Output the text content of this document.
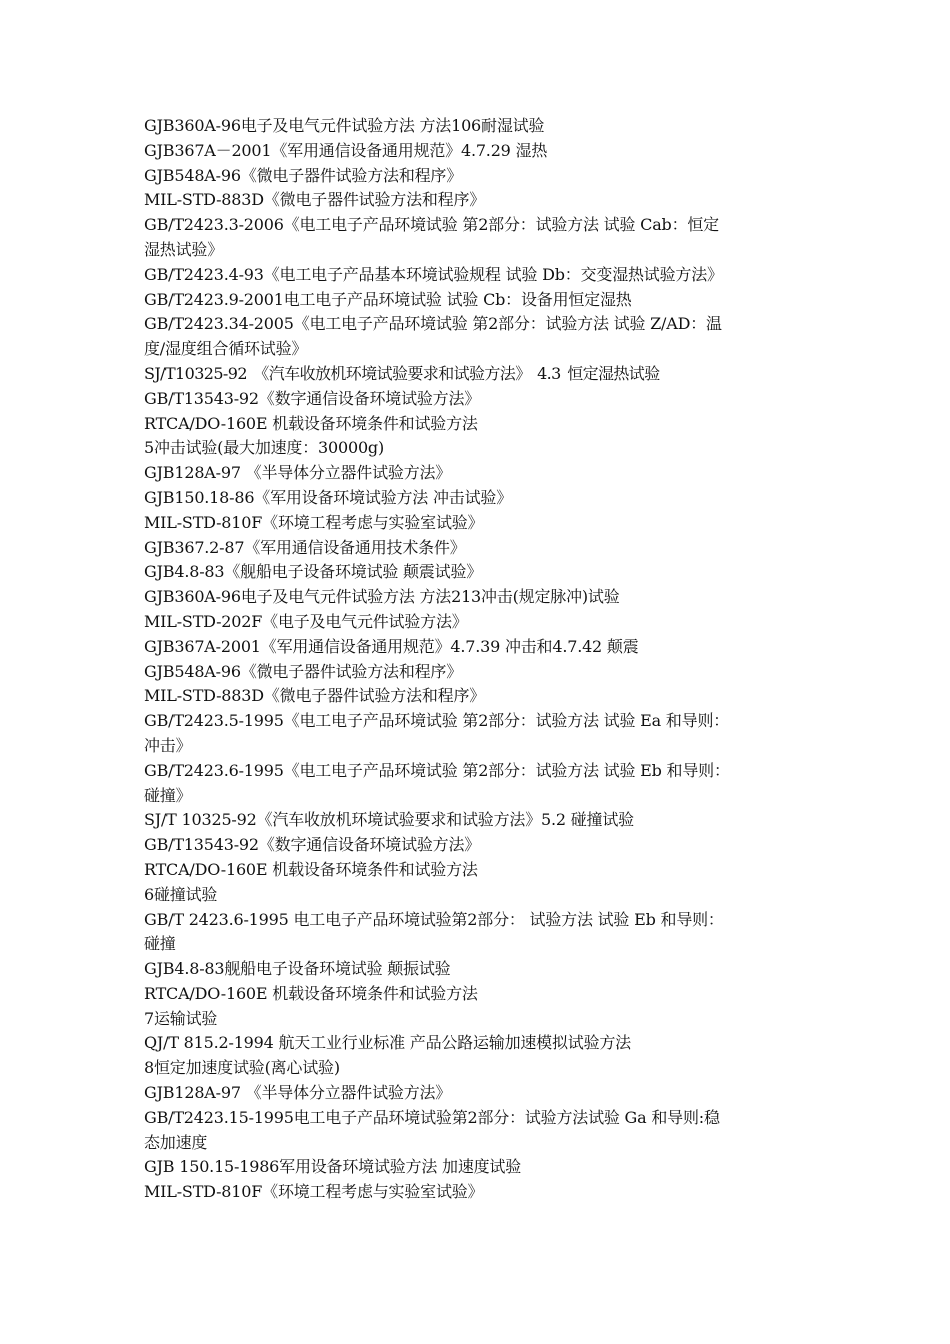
GJB360A-96电子及电气元件试验方法 方法106耐湿试验
GJB367A－2001《军用通信设备通用规范》4.7.29 湿热
GJB548A-96《微电子器件试验方法和程序》
MIL-STD-883D《微电子器件试验方法和程序》
GB/T2423.3-2006《电工电子产品环境试验 第2部分：试验方法 试验 Cab：恒定
湿热试验》
GB/T2423.4-93《电工电子产品基本环境试验规程 试验 Db：交变湿热试验方法》
GB/T2423.9-2001电工电子产品环境试验 试验 Cb：设备用恒定湿热
GB/T2423.34-2005《电工电子产品环境试验 第2部分：试验方法 试验 Z/AD：温
度/湿度组合循环试验》
SJ/T10325-92 《汽车收放机环境试验要求和试验方法》 4.3 恒定湿热试验
GB/T13543-92《数字通信设备环境试验方法》
RTCA/DO-160E 机载设备环境条件和试验方法
5冲击试验(最大加速度：30000g)
GJB128A-97 《半导体分立器件试验方法》
GJB150.18-86《军用设备环境试验方法 冲击试验》
MIL-STD-810F《环境工程考虑与实验室试验》
GJB367.2-87《军用通信设备通用技术条件》
GJB4.8-83《舰船电子设备环境试验 颠震试验》
GJB360A-96电子及电气元件试验方法 方法213冲击(规定脉冲)试验
MIL-STD-202F《电子及电气元件试验方法》
GJB367A-2001《军用通信设备通用规范》4.7.39 冲击和4.7.42 颠震
GJB548A-96《微电子器件试验方法和程序》
MIL-STD-883D《微电子器件试验方法和程序》
GB/T2423.5-1995《电工电子产品环境试验 第2部分：试验方法 试验 Ea 和导则：
冲击》
GB/T2423.6-1995《电工电子产品环境试验 第2部分：试验方法 试验 Eb 和导则：
碰撞》
SJ/T 10325-92《汽车收放机环境试验要求和试验方法》5.2 碰撞试验
GB/T13543-92《数字通信设备环境试验方法》
RTCA/DO-160E 机载设备环境条件和试验方法
6碰撞试验
GB/T 2423.6-1995 电工电子产品环境试验第2部分： 试验方法 试验 Eb 和导则：
碰撞
GJB4.8-83舰船电子设备环境试验 颠振试验
RTCA/DO-160E 机载设备环境条件和试验方法
7运输试验
QJ/T 815.2-1994 航天工业行业标准 产品公路运输加速模拟试验方法
8恒定加速度试验(离心试验)
GJB128A-97 《半导体分立器件试验方法》
GB/T2423.15-1995电工电子产品环境试验第2部分：试验方法试验 Ga 和导则:稳
态加速度
GJB 150.15-1986军用设备环境试验方法 加速度试验
MIL-STD-810F《环境工程考虑与实验室试验》
